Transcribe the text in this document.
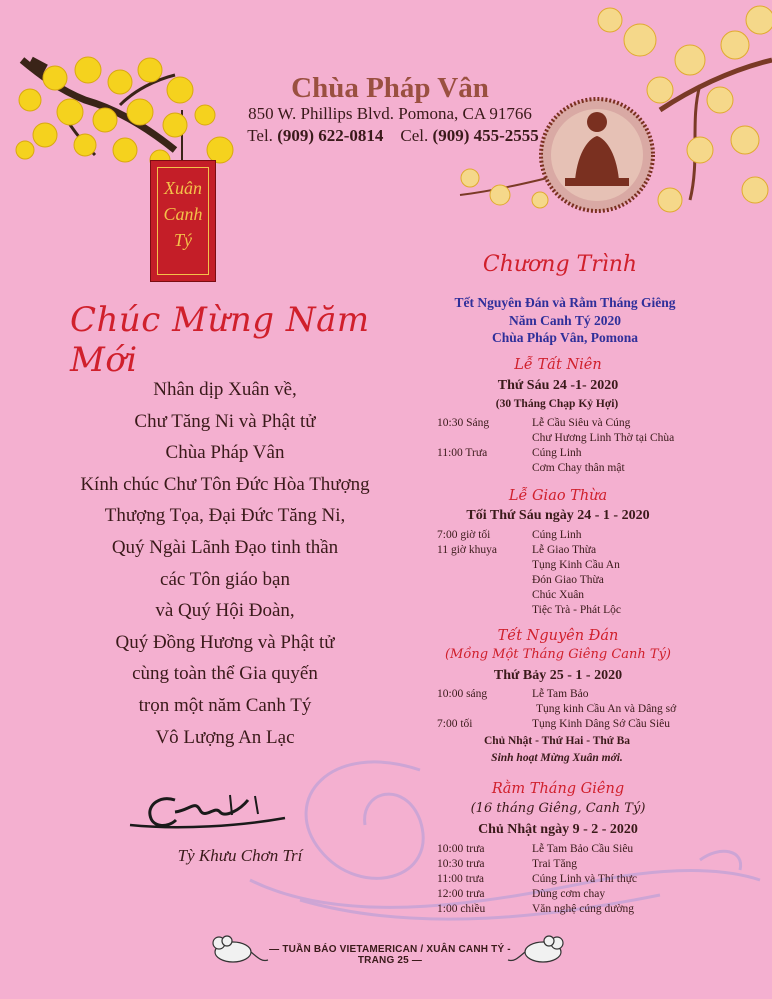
Chùa Pháp Vân
850 W. Phillips Blvd. Pomona, CA 91766
Tel. (909) 622-0814 Cel. (909) 455-2555
Xuân
Canh
Tý
Chúc Mừng Năm Mới
Nhân dịp Xuân về,
Chư Tăng Ni và Phật tử
Chùa Pháp Vân
Kính chúc Chư Tôn Đức Hòa Thượng
Thượng Tọa, Đại Đức Tăng Ni,
Quý Ngài Lãnh Đạo tinh thần
các Tôn giáo bạn
và Quý Hội Đoàn,
Quý Đồng Hương và Phật tử
cùng toàn thể Gia quyến
trọn một năm Canh Tý
Vô Lượng An Lạc
Tỳ Khưu Chơn Trí
Chương Trình
Tết Nguyên Đán và Rằm Tháng Giêng
Năm Canh Tý 2020
Chùa Pháp Vân, Pomona
Lễ Tất Niên
Thứ Sáu 24 -1- 2020
(30 Tháng Chạp Kỷ Hợi)
10:30 Sáng	Lễ Cầu Siêu và Cúng
Chư Hương Linh Thờ tại Chùa
11:00 Trưa	Cúng Linh
Cơm Chay thân mật
Lễ Giao Thừa
Tối Thứ Sáu ngày 24 - 1 - 2020
7:00 giờ tối	Cúng Linh
11 giờ khuya	Lễ Giao Thừa
Tụng Kinh Cầu An
Đón Giao Thừa
Chúc Xuân
Tiệc Trà - Phát Lộc
Tết Nguyên Đán
(Mồng Một Tháng Giêng Canh Tý)
Thứ Bảy 25 - 1 - 2020
10:00 sáng	Lễ Tam Bảo
Tụng kinh Cầu An và Dâng sớ
7:00 tối	Tụng Kinh Dâng Sớ Cầu Siêu
Chủ Nhật - Thứ Hai - Thứ Ba
Sinh hoạt Mừng Xuân mới.
Rằm Tháng Giêng
(16 tháng Giêng, Canh Tý)
Chủ Nhật ngày 9 - 2 - 2020
10:00 trưa	Lễ Tam Bảo Cầu Siêu
10:30 trưa	Trai Tăng
11:00 trưa	Cúng Linh và Thí thực
12:00 trưa	Dùng cơm chay
1:00 chiều	Văn nghệ cúng dường
— TUẦN BÁO VIETAMERICAN / XUÂN CANH TÝ - TRANG 25 —
